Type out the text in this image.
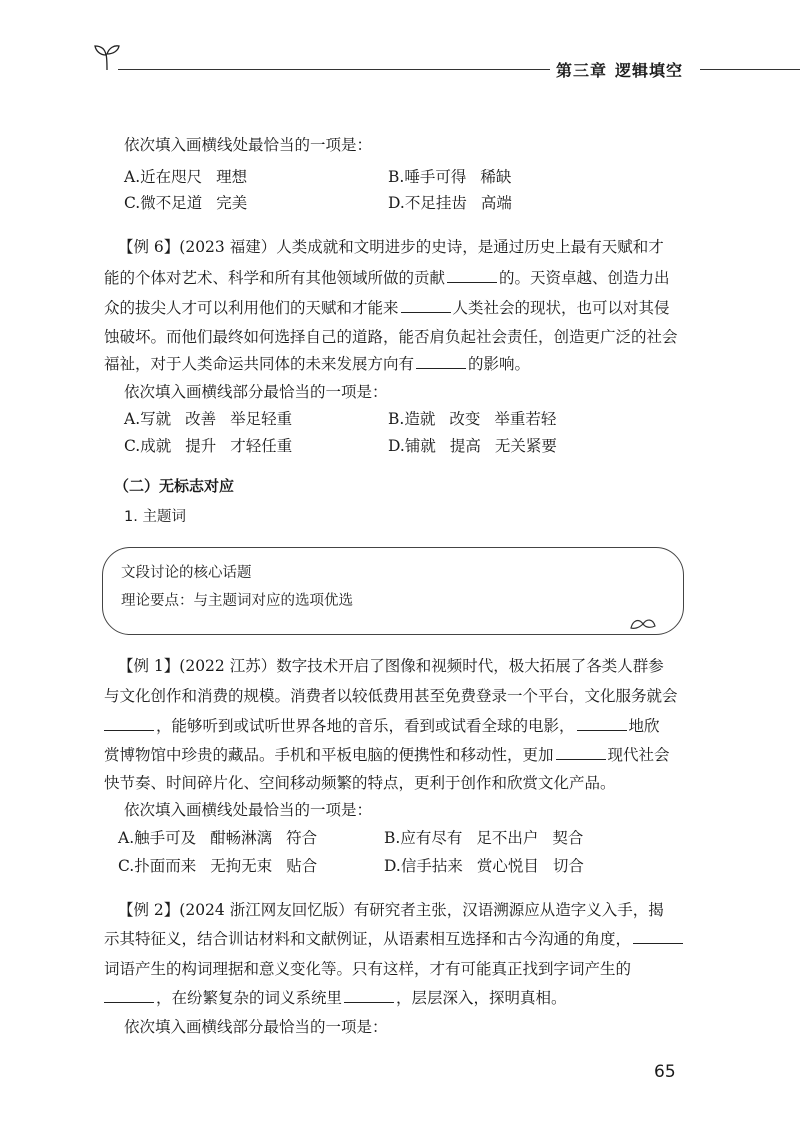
第三章 逻辑填空
依次填入画横线处最恰当的一项是：
A.近在咫尺 理想	B.唾手可得 稀缺
C.微不足道 完美	D.不足挂齿 高端
【例 6】(2023 福建）人类成就和文明进步的史诗，是通过历史上最有天赋和才
能的个体对艺术、科学和所有其他领域所做的贡献	的。天资卓越、创造力出
众的拔尖人才可以利用他们的天赋和才能来	人类社会的现状，也可以对其侵
蚀破坏。而他们最终如何选择自己的道路，能否肩负起社会责任，创造更广泛的社会
福祉，对于人类命运共同体的未来发展方向有	的影响。
依次填入画横线部分最恰当的一项是：
A.写就 改善 举足轻重	B.造就 改变 举重若轻
C.成就 提升 才轻任重	D.铺就 提高 无关紧要
（二）无标志对应
1. 主题词
文段讨论的核心话题
理论要点：与主题词对应的选项优选
【例 1】(2022 江苏）数字技术开启了图像和视频时代，极大拓展了各类人群参
与文化创作和消费的规模。消费者以较低费用甚至免费登录一个平台，文化服务就会
，能够听到或试听世界各地的音乐，看到或试看全球的电影，	地欣
赏博物馆中珍贵的藏品。手机和平板电脑的便携性和移动性，更加	现代社会
快节奏、时间碎片化、空间移动频繁的特点，更利于创作和欣赏文化产品。
依次填入画横线处最恰当的一项是：
A.触手可及 酣畅淋漓 符合	B.应有尽有 足不出户 契合
C.扑面而来 无拘无束 贴合	D.信手拈来 赏心悦目 切合
【例 2】(2024 浙江网友回忆版）有研究者主张，汉语溯源应从造字义入手，揭
示其特征义，结合训诂材料和文献例证，从语素相互选择和古今沟通的角度，
词语产生的构词理据和意义变化等。只有这样，才有可能真正找到字词产生的
，在纷繁复杂的词义系统里	，层层深入，探明真相。
依次填入画横线部分最恰当的一项是：
65
